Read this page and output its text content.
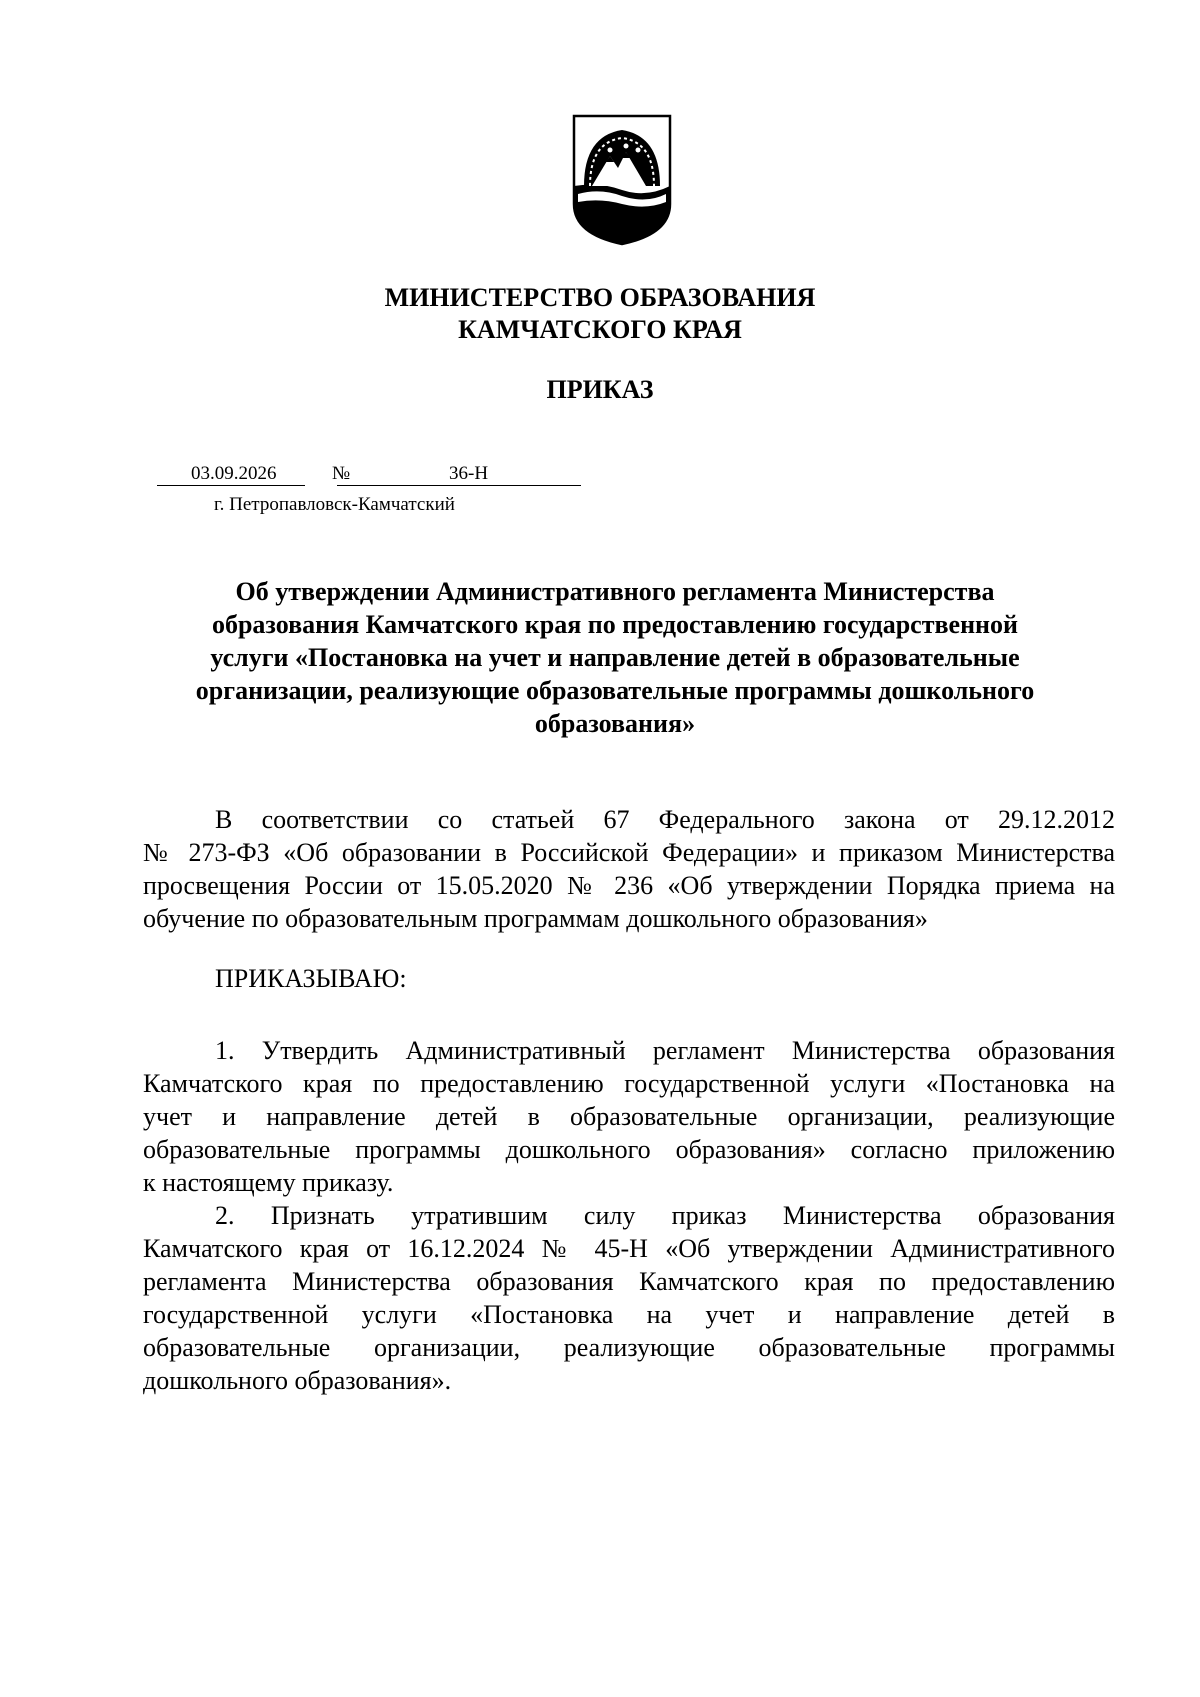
МИНИСТЕРСТВО ОБРАЗОВАНИЯ
КАМЧАТСКОГО КРАЯ
ПРИКАЗ
03.09.2026	№	36-Н
г. Петропавловск-Камчатский
Об утверждении Административного регламента Министерства
образования Камчатского края по предоставлению государственной
услуги «Постановка на учет и направление детей в образовательные
организации, реализующие образовательные программы дошкольного
образования»
В соответствии со статьей 67 Федерального закона от 29.12.2012
№ 273-ФЗ «Об образовании в Российской Федерации» и приказом Министерства
просвещения России от 15.05.2020 № 236 «Об утверждении Порядка приема на
обучение по образовательным программам дошкольного образования»
ПРИКАЗЫВАЮ:
1. Утвердить Административный регламент Министерства образования
Камчатского края по предоставлению государственной услуги «Постановка на
учет и направление детей в образовательные организации, реализующие
образовательные программы дошкольного образования» согласно приложению
к настоящему приказу.
2. Признать утратившим силу приказ Министерства образования
Камчатского края от 16.12.2024 № 45-Н «Об утверждении Административного
регламента Министерства образования Камчатского края по предоставлению
государственной услуги «Постановка на учет и направление детей в
образовательные организации, реализующие образовательные программы
дошкольного образования».
